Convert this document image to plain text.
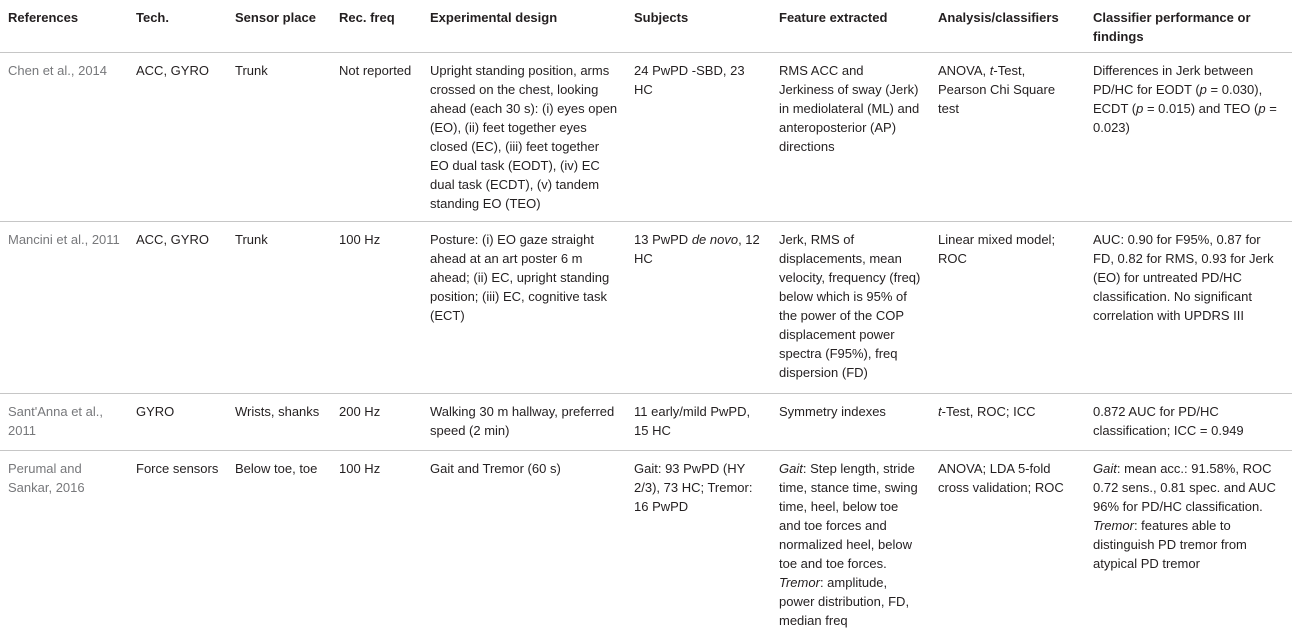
References	Tech.	Sensor place	Rec. freq	Experimental design	Subjects	Feature extracted	Analysis/classifiers	Classifier performance or findings
Chen et al., 2014	ACC, GYRO	Trunk	Not reported	Upright standing position, arms crossed on the chest, looking ahead (each 30 s): (i) eyes open (EO), (ii) feet together eyes closed (EC), (iii) feet together EO dual task (EODT), (iv) EC dual task (ECDT), (v) tandem standing EO (TEO)	24 PwPD -SBD, 23 HC	RMS ACC and Jerkiness of sway (Jerk) in mediolateral (ML) and anteroposterior (AP) directions	ANOVA, t-Test, Pearson Chi Square test	Differences in Jerk between PD/HC for EODT (p = 0.030), ECDT (p = 0.015) and TEO (p = 0.023)
Mancini et al., 2011	ACC, GYRO	Trunk	100 Hz	Posture: (i) EO gaze straight ahead at an art poster 6 m ahead; (ii) EC, upright standing position; (iii) EC, cognitive task (ECT)	13 PwPD de novo, 12 HC	Jerk, RMS of displacements, mean velocity, frequency (freq) below which is 95% of the power of the COP displacement power spectra (F95%), freq dispersion (FD)	Linear mixed model; ROC	AUC: 0.90 for F95%, 0.87 for FD, 0.82 for RMS, 0.93 for Jerk (EO) for untreated PD/HC classification. No significant correlation with UPDRS III
Sant'Anna et al., 2011	GYRO	Wrists, shanks	200 Hz	Walking 30 m hallway, preferred speed (2 min)	11 early/mild PwPD, 15 HC	Symmetry indexes	t-Test, ROC; ICC	0.872 AUC for PD/HC classification; ICC = 0.949
Perumal and Sankar, 2016	Force sensors	Below toe, toe	100 Hz	Gait and Tremor (60 s)	Gait: 93 PwPD (HY 2/3), 73 HC; Tremor: 16 PwPD	Gait: Step length, stride time, stance time, swing time, heel, below toe and toe forces and normalized heel, below toe and toe forces. Tremor: amplitude, power distribution, FD, median freq	ANOVA; LDA 5-fold cross validation; ROC	Gait: mean acc.: 91.58%, ROC 0.72 sens., 0.81 spec. and AUC 96% for PD/HC classification. Tremor: features able to distinguish PD tremor from atypical PD tremor
